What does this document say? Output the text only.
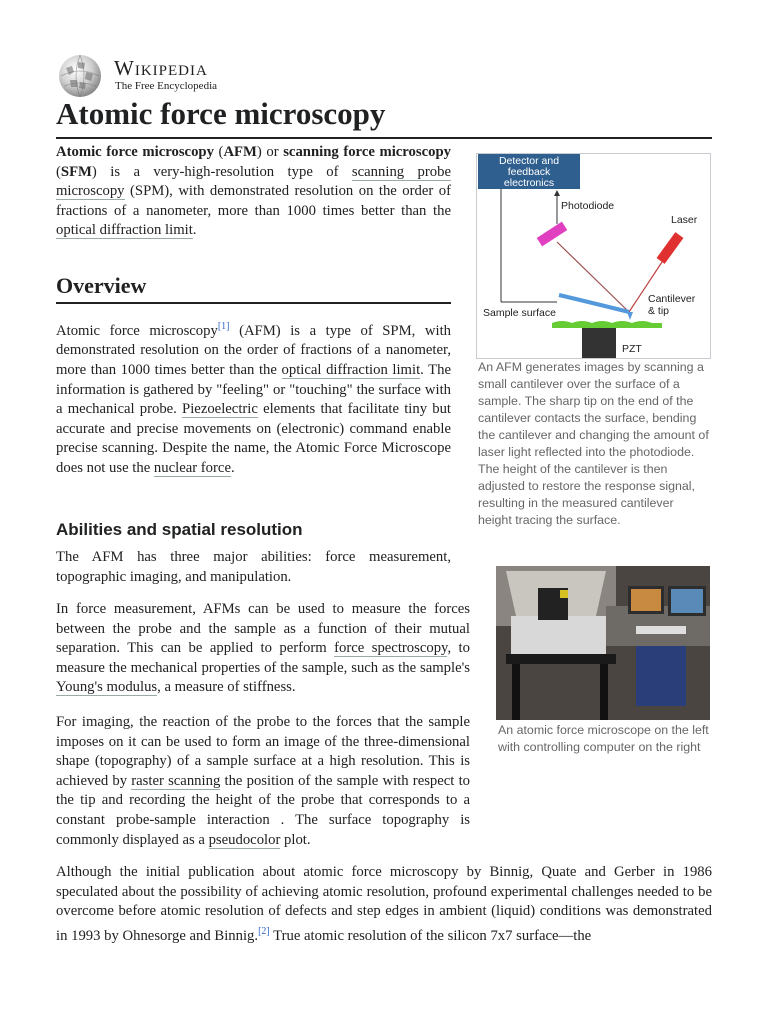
Wikipedia
The Free Encyclopedia
Atomic force microscopy

Atomic force microscopy (AFM) or scanning force microscopy (SFM) is a very-high-resolution type of scanning probe microscopy (SPM), with demonstrated resolution on the order of fractions of a nanometer, more than 1000 times better than the optical diffraction limit.

Detector and
feedback
electronics
Photodiode
Laser
Cantilever
& tip
Sample surface
PZT
An AFM generates images by scanning a small cantilever over the surface of a sample. The sharp tip on the end of the cantilever contacts the surface, bending the cantilever and changing the amount of laser light reflected into the photodiode. The height of the cantilever is then adjusted to restore the response signal, resulting in the measured cantilever height tracing the surface.
Overview

Atomic force microscopy[1] (AFM) is a type of SPM, with demonstrated resolution on the order of fractions of a nanometer, more than 1000 times better than the optical diffraction limit. The information is gathered by "feeling" or "touching" the surface with a mechanical probe. Piezoelectric elements that facilitate tiny but accurate and precise movements on (electronic) command enable precise scanning. Despite the name, the Atomic Force Microscope does not use the nuclear force.

Abilities and spatial resolution

The AFM has three major abilities: force measurement, topographic imaging, and manipulation.

In force measurement, AFMs can be used to measure the forces between the probe and the sample as a function of their mutual separation. This can be applied to perform force spectroscopy, to measure the mechanical properties of the sample, such as the sample's Young's modulus, a measure of stiffness.

An atomic force microscope on the left with controlling computer on the right

For imaging, the reaction of the probe to the forces that the sample imposes on it can be used to form an image of the three-dimensional shape (topography) of a sample surface at a high resolution. This is achieved by raster scanning the position of the sample with respect to the tip and recording the height of the probe that corresponds to a constant probe-sample interaction . The surface topography is commonly displayed as a pseudocolor plot.

Although the initial publication about atomic force microscopy by Binnig, Quate and Gerber in 1986 speculated about the possibility of achieving atomic resolution, profound experimental challenges needed to be overcome before atomic resolution of defects and step edges in ambient (liquid) conditions was demonstrated in 1993 by Ohnesorge and Binnig.[2] True atomic resolution of the silicon 7x7 surface—the
